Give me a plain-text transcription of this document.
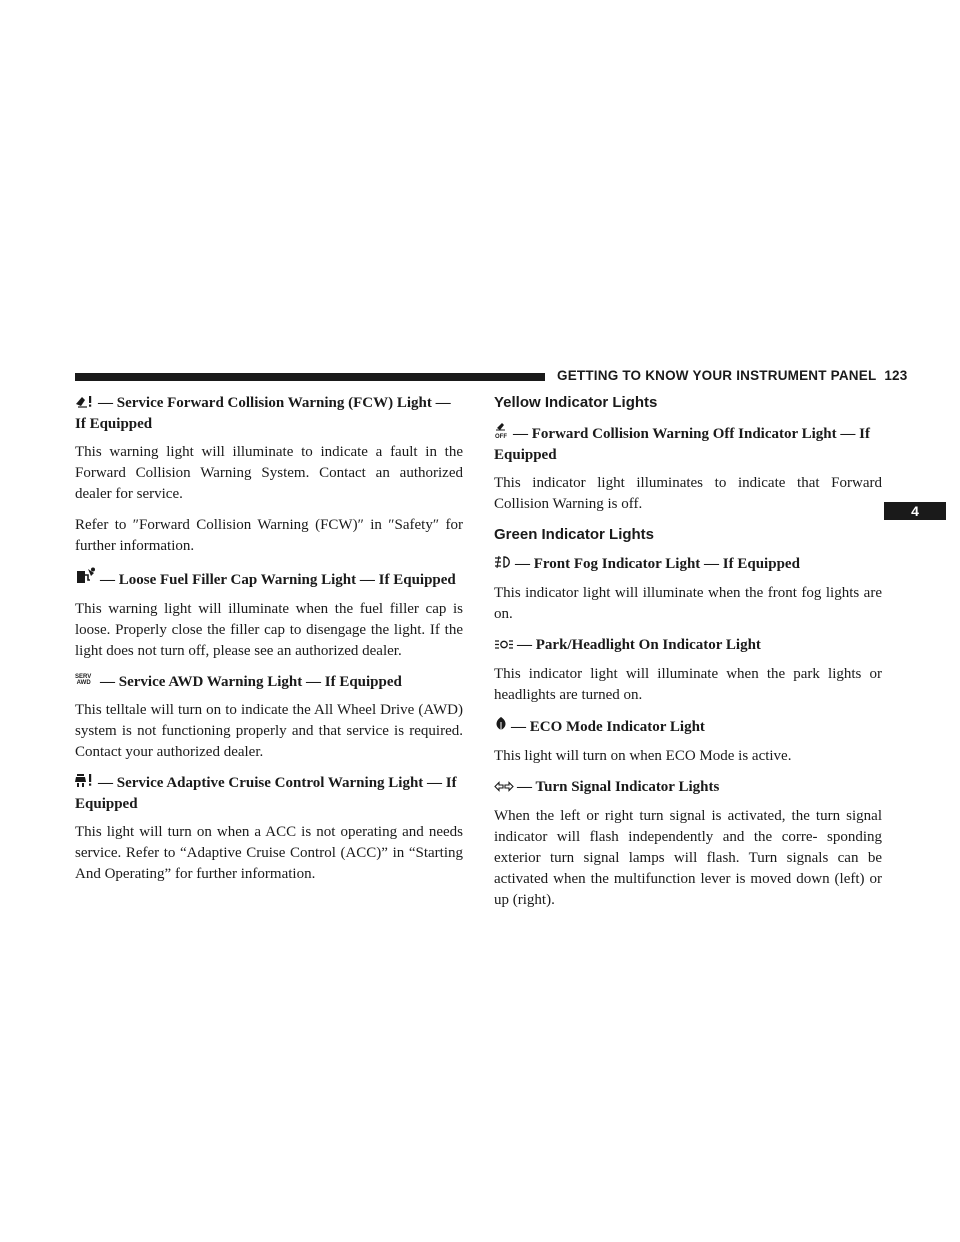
GETTING TO KNOW YOUR INSTRUMENT PANEL 123
4

— Service Forward Collision Warning (FCW) Light — If Equipped

This warning light will illuminate to indicate a fault in the Forward Collision Warning System. Contact an authorized dealer for service.

Refer to ″Forward Collision Warning (FCW)″ in ″Safety″ for further information.

— Loose Fuel Filler Cap Warning Light — If Equipped

This warning light will illuminate when the fuel filler cap is loose. Properly close the filler cap to disengage the light. If the light does not turn off, please see an authorized dealer.

SERV
AWD — Service AWD Warning Light — If Equipped

This telltale will turn on to indicate the All Wheel Drive (AWD) system is not functioning properly and that service is required. Contact your authorized dealer.

— Service Adaptive Cruise Control Warning Light — If Equipped

This light will turn on when a ACC is not operating and needs service. Refer to “Adaptive Cruise Control (ACC)” in “Starting And Operating” for further information.

Yellow Indicator Lights

OFF — Forward Collision Warning Off Indicator Light — If Equipped

This indicator light illuminates to indicate that Forward Collision Warning is off.

Green Indicator Lights

— Front Fog Indicator Light — If Equipped

This indicator light will illuminate when the front fog lights are on.

— Park/Headlight On Indicator Light

This indicator light will illuminate when the park lights or headlights are turned on.

— ECO Mode Indicator Light

This light will turn on when ECO Mode is active.

— Turn Signal Indicator Lights

When the left or right turn signal is activated, the turn signal indicator will flash independently and the corre- sponding exterior turn signal lamps will flash. Turn signals can be activated when the multifunction lever is moved down (left) or up (right).
